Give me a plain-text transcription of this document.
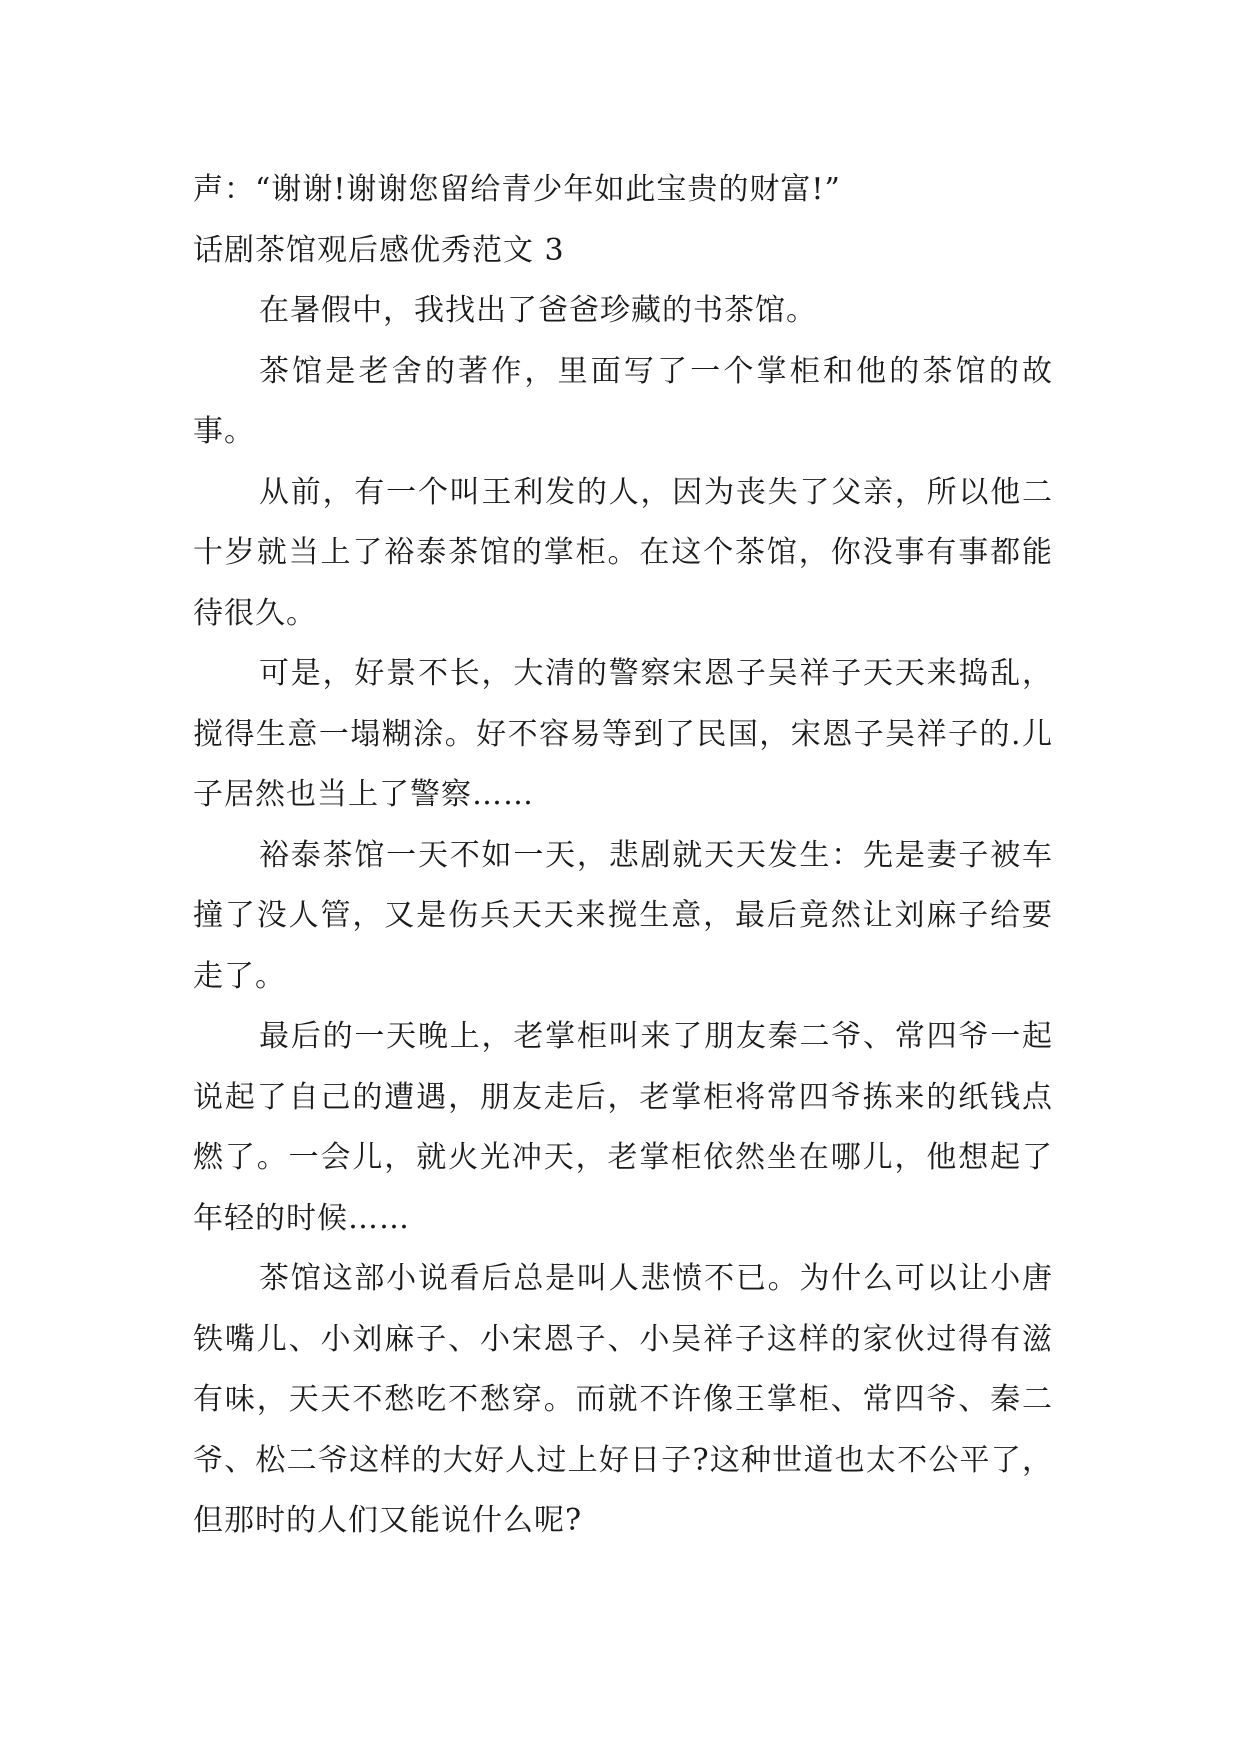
声：“谢谢!谢谢您留给青少年如此宝贵的财富!”

话剧茶馆观后感优秀范文 3

在暑假中，我找出了爸爸珍藏的书茶馆。

茶馆是老舍的著作，里面写了一个掌柜和他的茶馆的故事。

从前，有一个叫王利发的人，因为丧失了父亲，所以他二十岁就当上了裕泰茶馆的掌柜。在这个茶馆，你没事有事都能待很久。

可是，好景不长，大清的警察宋恩子吴祥子天天来捣乱，搅得生意一塌糊涂。好不容易等到了民国，宋恩子吴祥子的.儿子居然也当上了警察……

裕泰茶馆一天不如一天，悲剧就天天发生：先是妻子被车撞了没人管，又是伤兵天天来搅生意，最后竟然让刘麻子给要走了。

最后的一天晚上，老掌柜叫来了朋友秦二爷、常四爷一起说起了自己的遭遇，朋友走后，老掌柜将常四爷拣来的纸钱点燃了。一会儿，就火光冲天，老掌柜依然坐在哪儿，他想起了年轻的时候……

茶馆这部小说看后总是叫人悲愤不已。为什么可以让小唐铁嘴儿、小刘麻子、小宋恩子、小吴祥子这样的家伙过得有滋有味，天天不愁吃不愁穿。而就不许像王掌柜、常四爷、秦二爷、松二爷这样的大好人过上好日子?这种世道也太不公平了，但那时的人们又能说什么呢?
